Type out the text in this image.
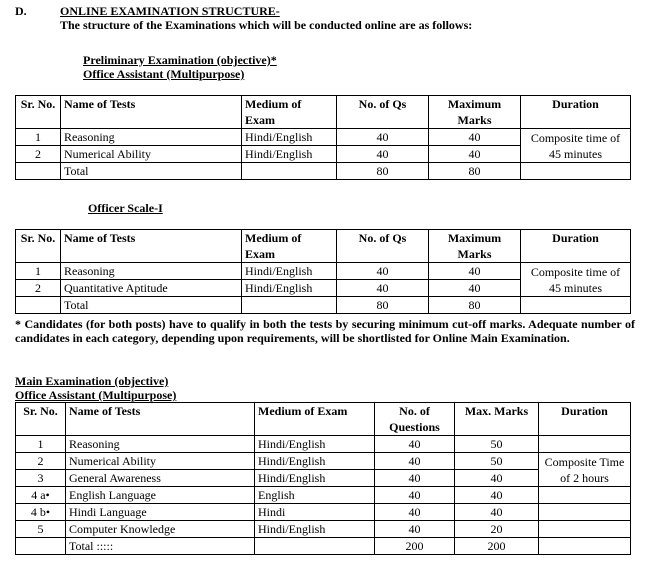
D.	ONLINE EXAMINATION STRUCTURE-
The structure of the Examinations which will be conducted online are as follows:
Preliminary Examination (objective)*
Office Assistant (Multipurpose)
Sr. No.	Name of Tests	Medium of Exam	No. of Qs	Maximum Marks	Duration
1	Reasoning	Hindi/English	40	40	Composite time of 45 minutes
2	Numerical Ability	Hindi/English	40	40	
	Total		80	80	
Officer Scale-I
Sr. No.	Name of Tests	Medium of Exam	No. of Qs	Maximum Marks	Duration
1	Reasoning	Hindi/English	40	40	Composite time of 45 minutes
2	Quantitative Aptitude	Hindi/English	40	40	
	Total		80	80	
* Candidates (for both posts) have to qualify in both the tests by securing minimum cut-off marks. Adequate number of candidates in each category, depending upon requirements, will be shortlisted for Online Main Examination.
Main Examination (objective)
Office Assistant (Multipurpose)
Sr. No.	Name of Tests	Medium of Exam	No. of Questions	Max. Marks	Duration
1	Reasoning	Hindi/English	40	50	
2	Numerical Ability	Hindi/English	40	50	Composite Time of 2 hours
3	General Awareness	Hindi/English	40	40	
4 a•	English Language	English	40	40	
4 b•	Hindi Language	Hindi	40	40	
5	Computer Knowledge	Hindi/English	40	20	
	Total :::::		200	200	
